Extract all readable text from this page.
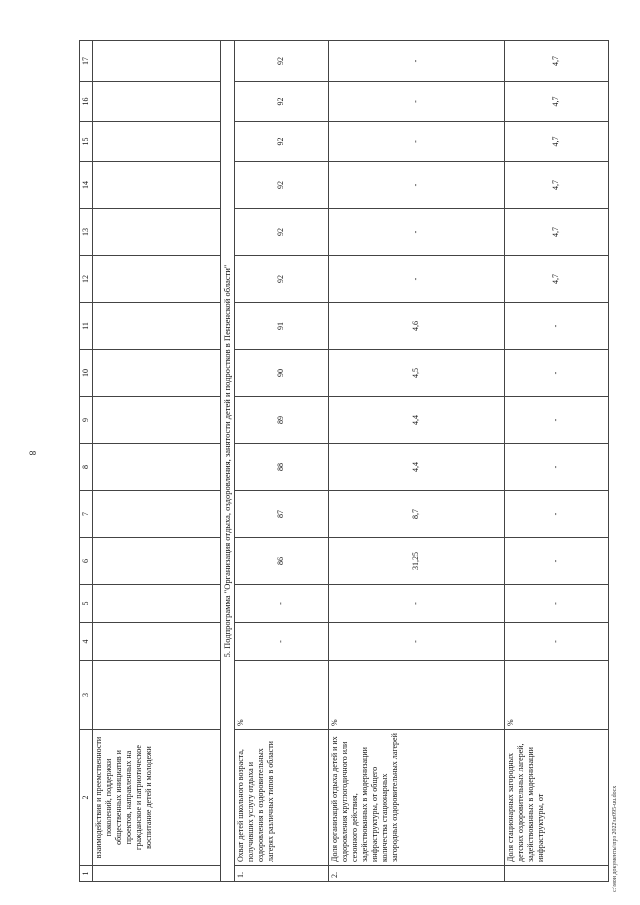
8
1	2	3	4	5	6	7	8	9	10	11	12	13	14	15	16	17
	взаимодействия и преемственности поколений, поддержки общественных инициатив и проектов, направленных на гражданское и патриотическое воспитание детей и молодежи															
5. Подпрограмма "Организация отдыха, оздоровления, занятости детей и подростков в Пензенской области"																
1.	Охват детей школьного возраста, получивших услугу отдыха и оздоровления в оздоровительных лагерях различных типов в области	%	-	-	86	87	88	89	90	91	92	92	92	92	92	92
2.	Доля организаций отдыха детей и их оздоровления круглогодичного или сезонного действия, задействованных в модернизации инфраструктуры, от общего количества стационарных загородных оздоровительных лагерей	%	-	-	31,25	8,7	4,4	4,4	4,5	4,6	-	-	-	-	-	-
	Доля стационарных загородных детских оздоровительных лагерей, задействованных в модернизации инфраструктуры, от	%	-	-	-	-	-	-	-	-	4,7	4,7	4,7	4,7	4,7	4,7
c:\мои документы\прз 2022\ur095-uu.docx
